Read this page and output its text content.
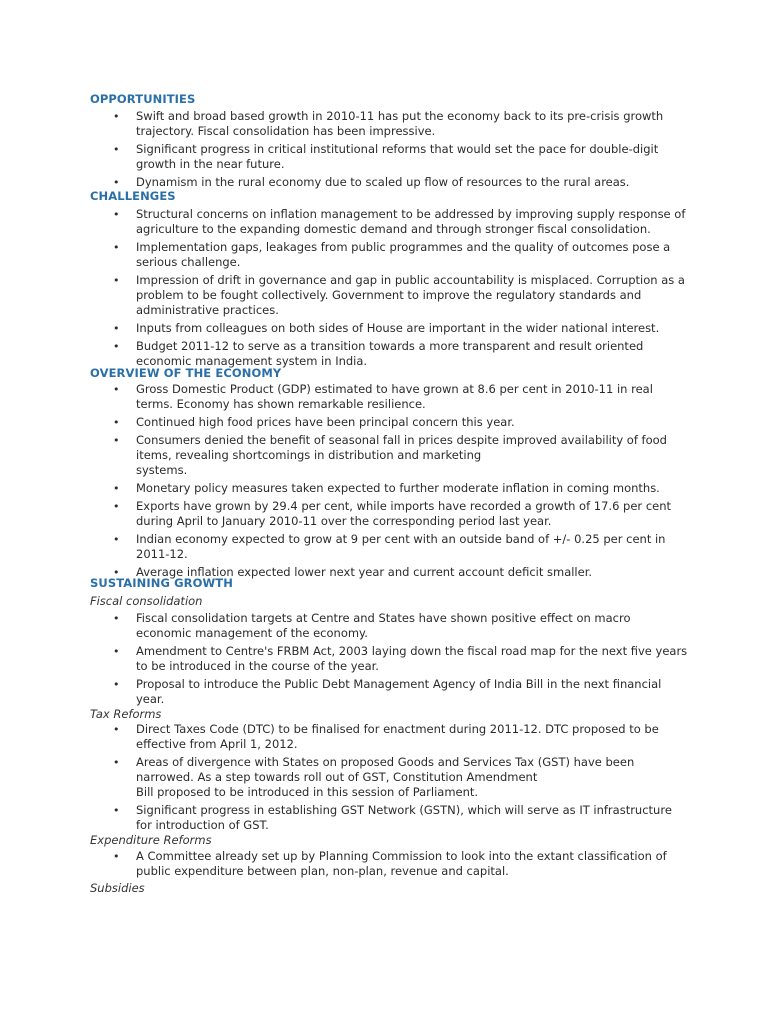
OPPORTUNITIES
• Swift and broad based growth in 2010-11 has put the economy back to its pre-crisis growth trajectory. Fiscal consolidation has been impressive.
• Significant progress in critical institutional reforms that would set the pace for double-digit growth in the near future.
• Dynamism in the rural economy due to scaled up flow of resources to the rural areas.
CHALLENGES
• Structural concerns on inflation management to be addressed by improving supply response of agriculture to the expanding domestic demand and through stronger fiscal consolidation.
• Implementation gaps, leakages from public programmes and the quality of outcomes pose a serious challenge.
• Impression of drift in governance and gap in public accountability is misplaced. Corruption as a problem to be fought collectively. Government to improve the regulatory standards and administrative practices.
• Inputs from colleagues on both sides of House are important in the wider national interest.
• Budget 2011-12 to serve as a transition towards a more transparent and result oriented economic management system in India.
OVERVIEW OF THE ECONOMY
• Gross Domestic Product (GDP) estimated to have grown at 8.6 per cent in 2010-11 in real terms. Economy has shown remarkable resilience.
• Continued high food prices have been principal concern this year.
• Consumers denied the benefit of seasonal fall in prices despite improved availability of food items, revealing shortcomings in distribution and marketing
systems.
• Monetary policy measures taken expected to further moderate inflation in coming months.
• Exports have grown by 29.4 per cent, while imports have recorded a growth of 17.6 per cent during April to January 2010-11 over the corresponding period last year.
• Indian economy expected to grow at 9 per cent with an outside band of +/- 0.25 per cent in 2011-12.
• Average inflation expected lower next year and current account deficit smaller.
SUSTAINING GROWTH
Fiscal consolidation
• Fiscal consolidation targets at Centre and States have shown positive effect on macro economic management of the economy.
• Amendment to Centre's FRBM Act, 2003 laying down the fiscal road map for the next five years to be introduced in the course of the year.
• Proposal to introduce the Public Debt Management Agency of India Bill in the next financial year.
Tax Reforms
• Direct Taxes Code (DTC) to be finalised for enactment during 2011-12. DTC proposed to be effective from April 1, 2012.
• Areas of divergence with States on proposed Goods and Services Tax (GST) have been narrowed. As a step towards roll out of GST, Constitution Amendment
Bill proposed to be introduced in this session of Parliament.
• Significant progress in establishing GST Network (GSTN), which will serve as IT infrastructure for introduction of GST.
Expenditure Reforms
• A Committee already set up by Planning Commission to look into the extant classification of public expenditure between plan, non-plan, revenue and capital.
Subsidies
